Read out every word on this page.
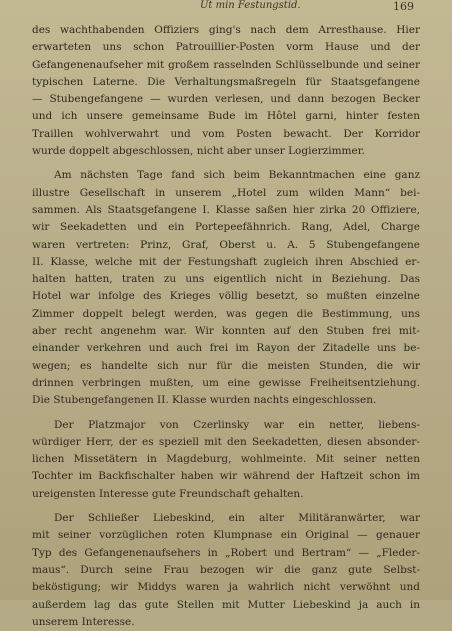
Ut min Festungstid.	169
des wachthabenden Offiziers ging's nach dem Arresthause. Hier
erwarteten uns schon Patrouillier-Posten vorm Hause und der
Gefangenenaufseher mit großem rasselnden Schlüsselbunde und seiner
typischen Laterne. Die Verhaltungsmaßregeln für Staatsgefangene
— Stubengefangene — wurden verlesen, und dann bezogen Becker
und ich unsere gemeinsame Bude im Hôtel garni, hinter festen
Traillen wohlverwahrt und vom Posten bewacht. Der Korridor
wurde doppelt abgeschlossen, nicht aber unser Logierzimmer.
Am nächsten Tage fand sich beim Bekanntmachen eine ganz
illustre Gesellschaft in unserem „Hotel zum wilden Mann“ bei-
sammen. Als Staatsgefangene I. Klasse saßen hier zirka 20 Offiziere,
wir Seekadetten und ein Portepeefähnrich. Rang, Adel, Charge
waren vertreten: Prinz, Graf, Oberst u. A. 5 Stubengefangene
II. Klasse, welche mit der Festungshaft zugleich ihren Abschied er-
halten hatten, traten zu uns eigentlich nicht in Beziehung. Das
Hotel war infolge des Krieges völlig besetzt, so mußten einzelne
Zimmer doppelt belegt werden, was gegen die Bestimmung, uns
aber recht angenehm war. Wir konnten auf den Stuben frei mit-
einander verkehren und auch frei im Rayon der Zitadelle uns be-
wegen; es handelte sich nur für die meisten Stunden, die wir
drinnen verbringen mußten, um eine gewisse Freiheitsentziehung.
Die Stubengefangenen II. Klasse wurden nachts eingeschlossen.
Der Platzmajor von Czerlinsky war ein netter, liebens-
würdiger Herr, der es speziell mit den Seekadetten, diesen absonder-
lichen Missetätern in Magdeburg, wohlmeinte. Mit seiner netten
Tochter im Backfischalter haben wir während der Haftzeit schon im
ureigensten Interesse gute Freundschaft gehalten.
Der Schließer Liebeskind, ein alter Militäranwärter, war
mit seiner vorzüglichen roten Klumpnase ein Original — genauer
Typ des Gefangenenaufsehers in „Robert und Bertram“ — „Fleder-
maus“. Durch seine Frau bezogen wir die ganz gute Selbst-
beköstigung; wir Middys waren ja wahrlich nicht verwöhnt und
außerdem lag das gute Stellen mit Mutter Liebeskind ja auch in
unserem Interesse.
